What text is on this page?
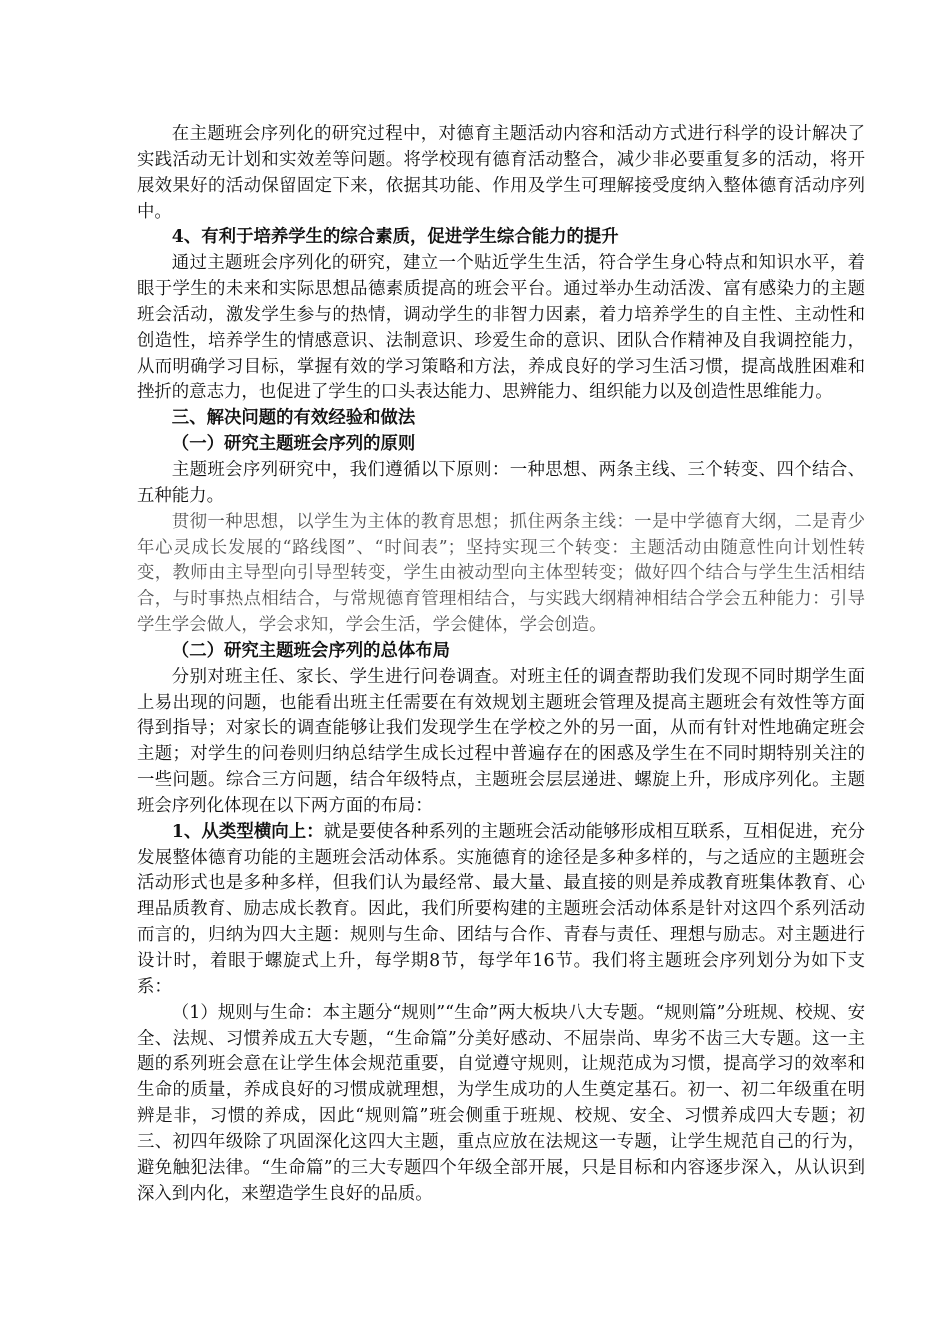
在主题班会序列化的研究过程中，对德育主题活动内容和活动方式进行科学的设计解决了实践活动无计划和实效差等问题。将学校现有德育活动整合，减少非必要重复多的活动，将开展效果好的活动保留固定下来，依据其功能、作用及学生可理解接受度纳入整体德育活动序列中。

4、有利于培养学生的综合素质，促进学生综合能力的提升

通过主题班会序列化的研究，建立一个贴近学生生活，符合学生身心特点和知识水平，着眼于学生的未来和实际思想品德素质提高的班会平台。通过举办生动活泼、富有感染力的主题班会活动，激发学生参与的热情，调动学生的非智力因素，着力培养学生的自主性、主动性和创造性，培养学生的情感意识、法制意识、珍爱生命的意识、团队合作精神及自我调控能力，从而明确学习目标，掌握有效的学习策略和方法，养成良好的学习生活习惯，提高战胜困难和挫折的意志力，也促进了学生的口头表达能力、思辨能力、组织能力以及创造性思维能力。

三、解决问题的有效经验和做法

（一）研究主题班会序列的原则

主题班会序列研究中，我们遵循以下原则：一种思想、两条主线、三个转变、四个结合、五种能力。

贯彻一种思想，以学生为主体的教育思想；抓住两条主线：一是中学德育大纲，二是青少年心灵成长发展的“路线图”、“时间表”；坚持实现三个转变：主题活动由随意性向计划性转变，教师由主导型向引导型转变，学生由被动型向主体型转变；做好四个结合与学生生活相结合，与时事热点相结合，与常规德育管理相结合，与实践大纲精神相结合学会五种能力：引导学生学会做人，学会求知，学会生活，学会健体，学会创造。

（二）研究主题班会序列的总体布局

分别对班主任、家长、学生进行问卷调查。对班主任的调查帮助我们发现不同时期学生面上易出现的问题，也能看出班主任需要在有效规划主题班会管理及提高主题班会有效性等方面得到指导；对家长的调查能够让我们发现学生在学校之外的另一面，从而有针对性地确定班会主题；对学生的问卷则归纳总结学生成长过程中普遍存在的困惑及学生在不同时期特别关注的一些问题。综合三方问题，结合年级特点，主题班会层层递进、螺旋上升，形成序列化。主题班会序列化体现在以下两方面的布局：

1、从类型横向上：就是要使各种系列的主题班会活动能够形成相互联系，互相促进，充分发展整体德育功能的主题班会活动体系。实施德育的途径是多种多样的，与之适应的主题班会活动形式也是多种多样，但我们认为最经常、最大量、最直接的则是养成教育班集体教育、心理品质教育、励志成长教育。因此，我们所要构建的主题班会活动体系是针对这四个系列活动而言的，归纳为四大主题：规则与生命、团结与合作、青春与责任、理想与励志。对主题进行设计时，着眼于螺旋式上升，每学期8节，每学年16节。我们将主题班会序列划分为如下支系：

（1）规则与生命：本主题分“规则”“生命”两大板块八大专题。“规则篇”分班规、校规、安全、法规、习惯养成五大专题，“生命篇”分美好感动、不屈崇尚、卑劣不齿三大专题。这一主题的系列班会意在让学生体会规范重要，自觉遵守规则，让规范成为习惯，提高学习的效率和生命的质量，养成良好的习惯成就理想，为学生成功的人生奠定基石。初一、初二年级重在明辨是非，习惯的养成，因此“规则篇”班会侧重于班规、校规、安全、习惯养成四大专题；初三、初四年级除了巩固深化这四大主题，重点应放在法规这一专题，让学生规范自己的行为，避免触犯法律。“生命篇”的三大专题四个年级全部开展，只是目标和内容逐步深入，从认识到深入到内化，来塑造学生良好的品质。
